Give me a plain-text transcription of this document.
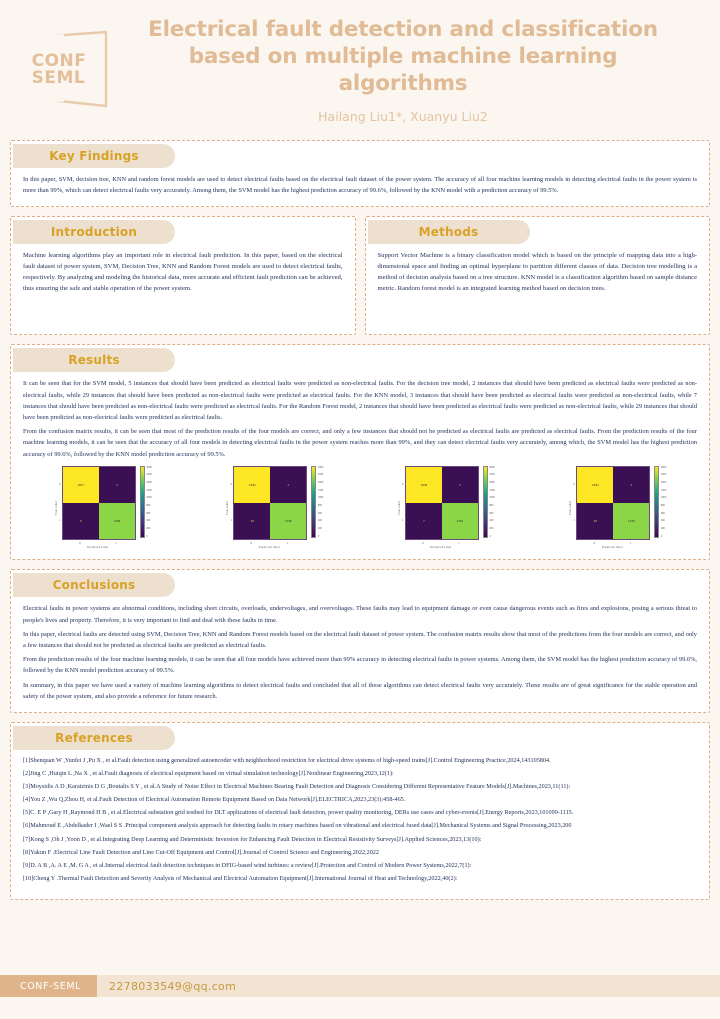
CONF
SEML
Electrical fault detection and classification based on multiple machine learning algorithms

Hailang Liu1*, Xuanyu Liu2

Key Findings

In this paper, SVM, decision tree, KNN and random forest models are used to detect electrical faults based on the electrical fault dataset of the power system. The accuracy of all four machine learning models in detecting electrical faults in the power system is more than 99%, which can detect electrical faults very accurately. Among them, the SVM model has the highest prediction accuracy of 99.6%, followed by the KNN model with a prediction accuracy of 99.5%.

Introduction

Machine learning algorithms play an important role in electrical fault prediction. In this paper, based on the electrical fault dataset of power system, SVM, Decision Tree, KNN and Random Forest models are used to detect electrical faults, respectively. By analyzing and modeling the historical data, more accurate and efficient fault prediction can be achieved, thus ensuring the safe and stable operation of the power system.

Methods

Support Vector Machine is a binary classification model which is based on the principle of mapping data into a high-dimensional space and finding an optimal hyperplane to partition different classes of data. Decision tree modelling is a method of decision analysis based on a tree structure. KNN model is a classification algorithm based on sample distance metric. Random forest model is an integrated learning method based on decision trees.

Results

It can be seen that for the SVM model, 5 instances that should have been predicted as electrical faults were predicted as non-electrical faults. For the decision tree model, 2 instances that should have been predicted as electrical faults were predicted as non-electrical faults, while 29 instances that should have been predicted as non-electrical faults were predicted as electrical faults. For the KNN model, 3 instances that should have been predicted as electrical faults were predicted as non-electrical faults, while 7 instances that should have been predicted as non-electrical faults were predicted as electrical faults. For the Random Forest model, 2 instances that should have been predicted as electrical faults were predicted as non-electrical faults, while 29 instances that should have been predicted as non-electrical faults were predicted as electrical faults.

From the confusion matrix results, it can be seen that most of the prediction results of the four models are correct, and only a few instances that should not be predicted as electrical faults are predicted as electrical faults. From the prediction results of the four machine learning models, it can be seen that the accuracy of all four models in detecting electrical faults in the power system reaches more than 99%, and they can detect electrical faults very accurately, among which, the SVM model has the highest prediction accuracy of 99.6%, followed by the KNN model prediction accuracy of 99.5%.

True label
0
1
1817	5
0	1359
0	1
Predicted label
3000
2500
2000
1500
1000
800
600
400
200
0
True label
0
1
1845	2
29	1330
0	1
Predicted label
3000
2500
2000
1500
1000
800
600
400
200
0
True label
0
1
1839	3
7	1352
0	1
Predicted label
3000
2500
2000
1500
1000
800
600
400
200
0
True label
0
1
1845	2
29	1330
0	1
Predicted label
3000
2500
2000
1500
1000
800
600
400
200
0
Conclusions

Electrical faults in power systems are abnormal conditions, including short circuits, overloads, undervoltages, and overvoltages. These faults may lead to equipment damage or even cause dangerous events such as fires and explosions, posing a serious threat to people's lives and property. Therefore, it is very important to find and deal with these faults in time.

In this paper, electrical faults are detected using SVM, Decision Tree, KNN and Random Forest models based on the electrical fault dataset of power system. The confusion matrix results show that most of the predictions from the four models are correct, and only a few instances that should not be predicted as electrical faults are predicted as electrical faults.

From the prediction results of the four machine learning models, it can be seen that all four models have achieved more than 99% accuracy in detecting electrical faults in power systems. Among them, the SVM model has the highest prediction accuracy of 99.6%, followed by the KNN model prediction accuracy of 99.5%.

In summary, in this paper we have used a variety of machine learning algorithms to detect electrical faults and concluded that all of these algorithms can detect electrical faults very accurately. These results are of great significance for the stable operation and safety of the power system, and also provide a reference for future research.

References

[1]Shenquan W ,Yunfei J ,Pu X , et al.Fault detection using generalized autoencoder with neighborhood restriction for electrical drive systems of high-speed trains[J].Control Engineering Practice,2024,143105804.

[2]Jing C ,Huiqin L ,Na X , et al.Fault diagnosis of electrical equipment based on virtual simulation technology[J].Nonlinear Engineering,2023,12(1):

[3]Moysidis A D ,Karatzinis D G ,Boutalis S Y , et al.A Study of Noise Effect in Electrical Machines Bearing Fault Detection and Diagnosis Considering Different Representative Feature Models[J].Machines,2023,11(11):

[4]You Z ,Wu Q,Zhou H, et al.Fault Detection of Electrical Automation Remote Equipment Based on Data Network[J].ELECTRICA,2023,23(3):458-465.

[5]C. E P ,Gary H ,Raymond H B , et al.Electrical substation grid testbed for DLT applications of electrical fault detection, power quality monitoring, DERs use cases and cyber-events[J].Energy Reports,2023,101099-1115.

[6]Mahmoud E ,Abdelkader I ,Wael S S .Principal component analysis approach for detecting faults in rotary machines based on vibrational and electrical fused data[J].Mechanical Systems and Signal Processing,2023,200

[7]Kong S ,Oh J ,Yoon D , et al.Integrating Deep Learning and Deterministic Inversion for Enhancing Fault Detection in Electrical Resistivity Surveys[J].Applied Sciences,2023,13(10):

[8]Yakun F .Electrical Line Fault Detection and Line Cut-Off Equipment and Control[J].Journal of Control Science and Engineering,2022,2022

[9]D. A B ,A. A E ,M. G A , et al.Internal electrical fault detection techniques in DFIG-based wind turbines: a review[J].Protection and Control of Modern Power Systems,2022,7(1):

[10]Cheng Y .Thermal Fault Detection and Severity Analysis of Mechanical and Electrical Automation Equipment[J].International Journal of Heat and Technology,2022,40(2):

CONF-SEML	2278033549@qq.com
